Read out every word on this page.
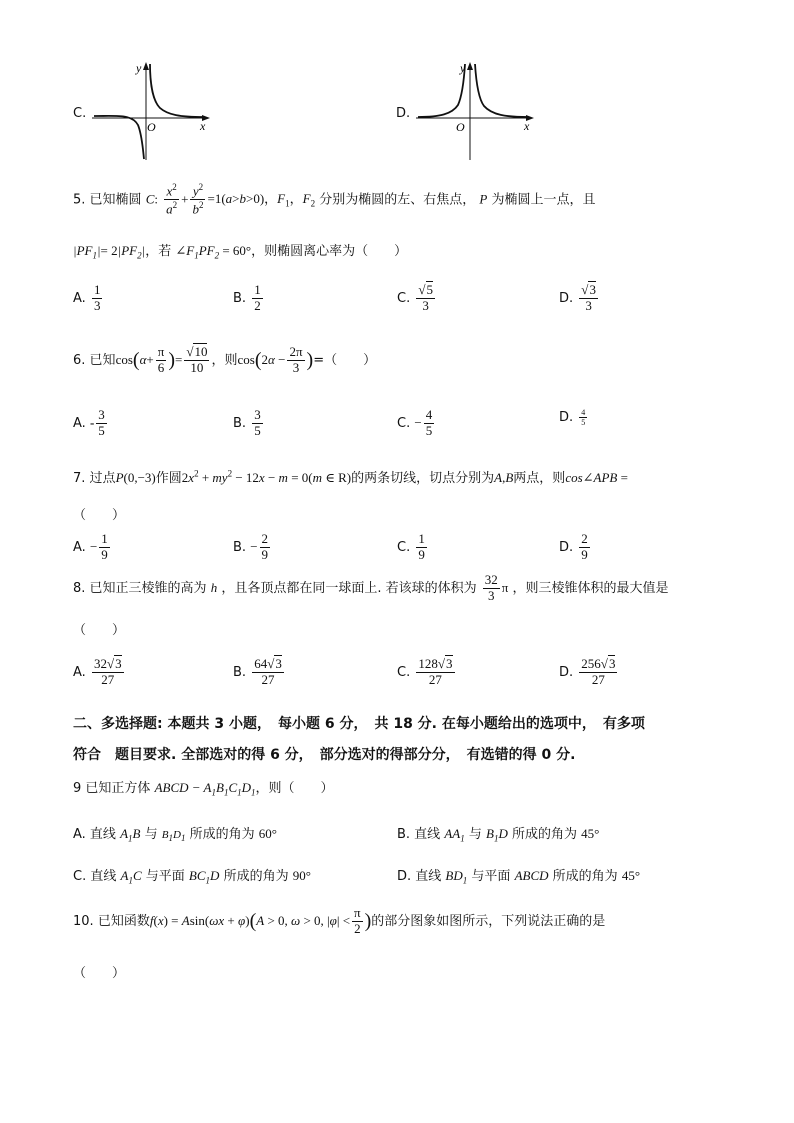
C.
y
x
O
D.
y
x
O
5. 已知椭圆 C: $\frac{x^2}{a^2} + \frac{y^2}{b^2} =1(a>b>0)$，$F_1$，$F_2$ 分别为椭圆的左、右焦点， P 为椭圆上一点，且
$|PF_1|= 2|PF_2|$，若 $\angle F_1PF_2 = 60^\circ$，则椭圆离心率为（　　）
A. $\frac{1}{3}$	B. $\frac{1}{2}$	C. $\frac{√5}{3}$	D. $\frac{√3}{3}$
6. 已知$\cos(\alpha+ \frac{\pi}{6}$ )= $\frac{√10}{10}$ ，则$\cos(2\alpha - \frac{2\pi}{3}$ )=（　　）
A. - $\frac{3}{5}$	B. $\frac{3}{5}$	C. − $\frac{4}{5}$	D. $\frac{4}{5}$
7. 过点P(0,−3)作圆$2x^2 + my^2 - 12x - m = 0(m$ ∈ R)的两条切线，切点分别为A,B两点，则cos∠APB =
（　　）
A. − $\frac{1}{9}$	B. − $\frac{2}{9}$	C. $\frac{1}{9}$	D. $\frac{2}{9}$
8. 已知正三棱锥的高为 h ，且各顶点都在同一球面上. 若该球的体积为 $\frac{32}{3}$ π ，则三棱锥体积的最大值是
（　　）
A. $\frac{32√3}{27}$	B. $\frac{64√3}{27}$	C. $\frac{128√3}{27}$	D. $\frac{256√3}{27}$
二、多选择题: 本题共 3 小题，　每小题 6 分，　共 18 分. 在每小题给出的选项中，　有多项
符合　题目要求. 全部选对的得 6 分，　部分选对的得部分分，　有选错的得 0 分.
9 已知正方体 ABCD − $A_1B_1C_1D_1$，则（　　）
A. 直线 $A_1B$ 与 $B_1D_1$ 所成的角为 60°	B. 直线 $AA_1$ 与 $B_1D$ 所成的角为 45°
C. 直线 $A_1C$ 与平面 $BC_1D$ 所成的角为 90°	D. 直线 $BD_1$ 与平面 ABCD 所成的角为 45°
10. 已知函数f(x) = Asin(ωx + φ)(A > 0, ω > 0, $|\varphi| < \frac{\pi}{2}$ )的部分图象如图所示，下列说法正确的是
（　　）
